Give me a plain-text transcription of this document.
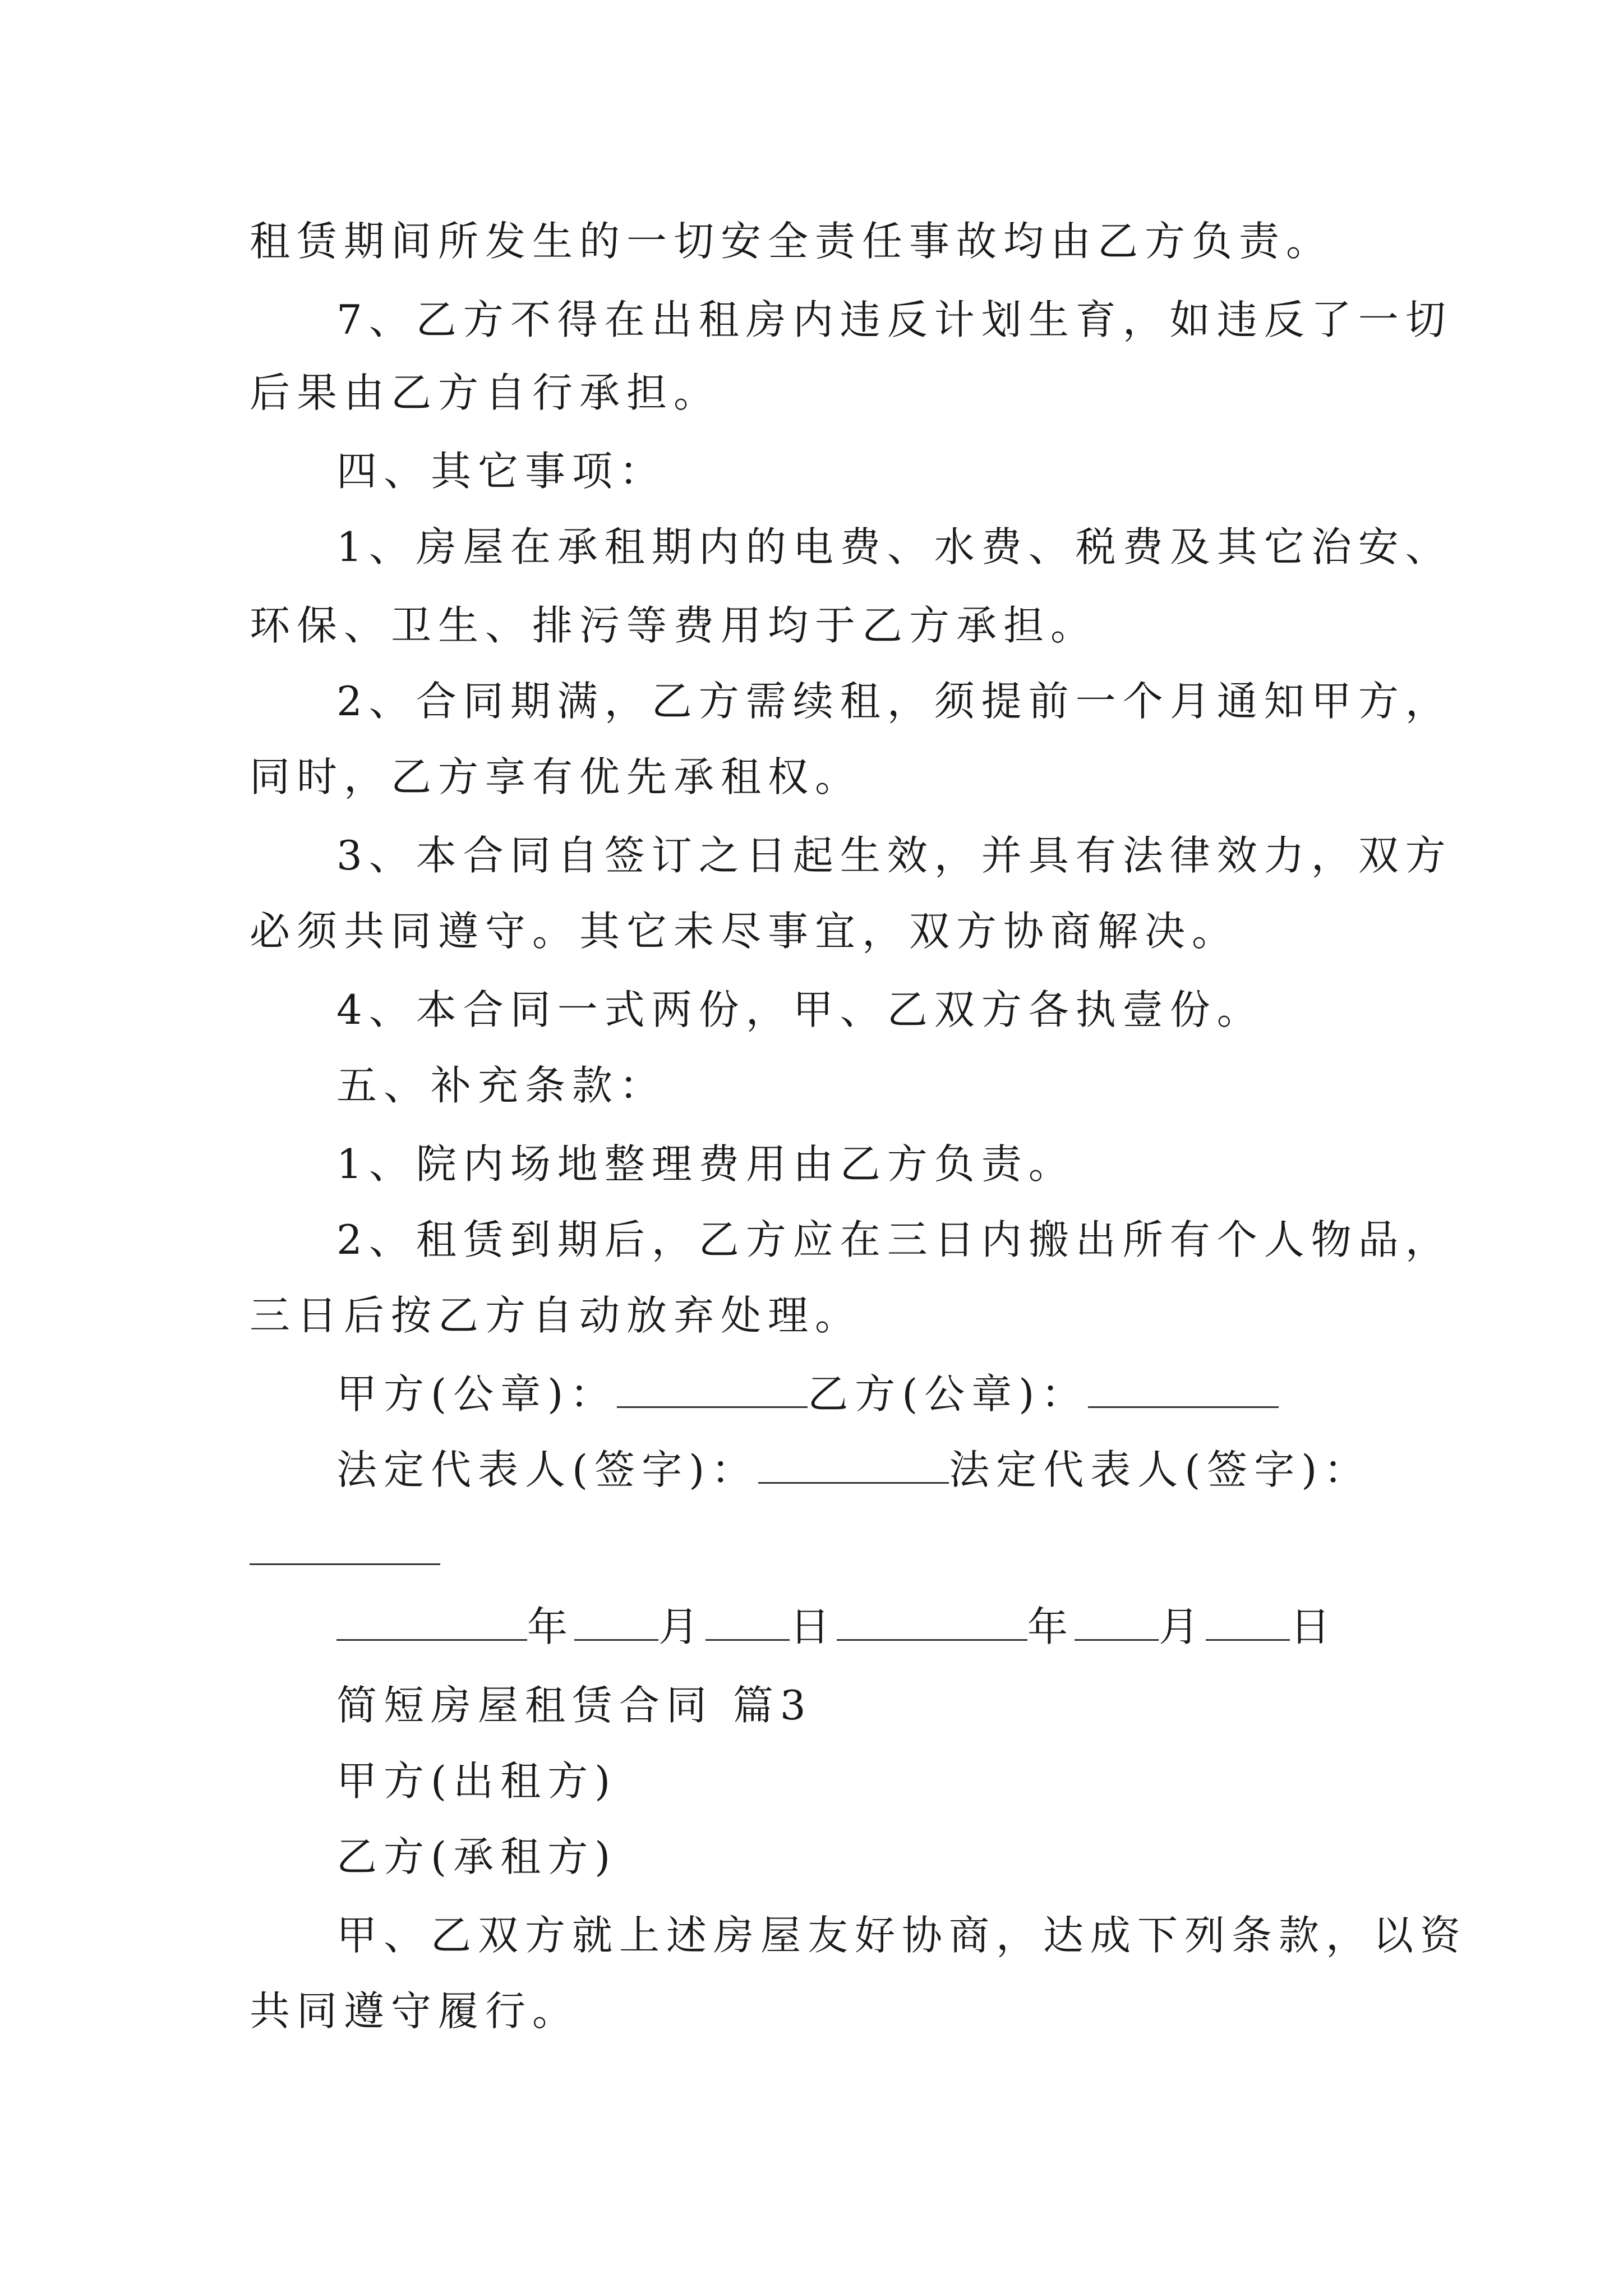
租赁期间所发生的一切安全责任事故均由乙方负责。
7、乙方不得在出租房内违反计划生育，如违反了一切
后果由乙方自行承担。
四、其它事项：
1、房屋在承租期内的电费、水费、税费及其它治安、
环保、卫生、排污等费用均于乙方承担。
2、合同期满，乙方需续租，须提前一个月通知甲方，
同时，乙方享有优先承租权。
3、本合同自签订之日起生效，并具有法律效力，双方
必须共同遵守。其它未尽事宜，双方协商解决。
4、本合同一式两份，甲、乙双方各执壹份。
五、补充条款：
1、院内场地整理费用由乙方负责。
2、租赁到期后，乙方应在三日内搬出所有个人物品，
三日后按乙方自动放弃处理。
甲方(公章)：	乙方(公章)：
法定代表人(签字)：	法定代表人(签字)：
年 月 日	年 月 日
简短房屋租赁合同 篇3
甲方(出租方)
乙方(承租方)
甲、乙双方就上述房屋友好协商，达成下列条款，以资
共同遵守履行。
